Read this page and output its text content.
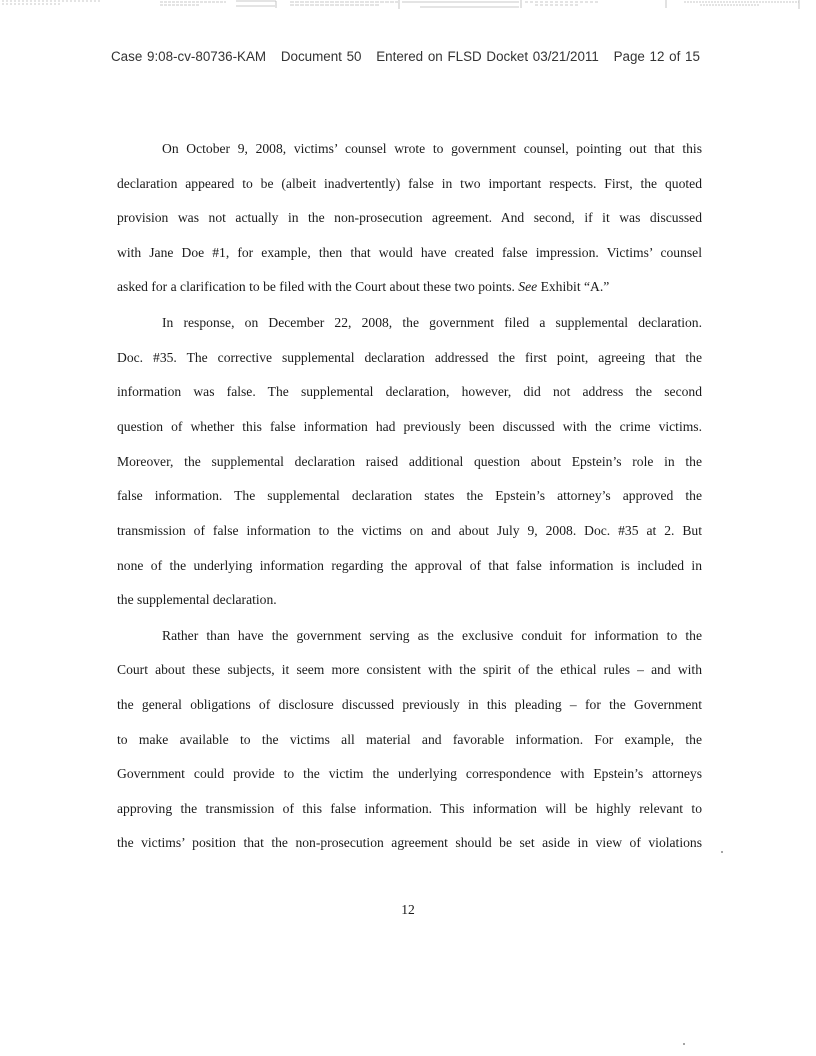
Case 9:08-cv-80736-KAM Document 50 Entered on FLSD Docket 03/21/2011 Page 12 of 15
On October 9, 2008, victims’ counsel wrote to government counsel, pointing out that this
declaration appeared to be (albeit inadvertently) false in two important respects. First, the quoted
provision was not actually in the non-prosecution agreement. And second, if it was discussed
with Jane Doe #1, for example, then that would have created false impression. Victims’ counsel
asked for a clarification to be filed with the Court about these two points. See Exhibit “A.”
In response, on December 22, 2008, the government filed a supplemental declaration.
Doc. #35. The corrective supplemental declaration addressed the first point, agreeing that the
information was false. The supplemental declaration, however, did not address the second
question of whether this false information had previously been discussed with the crime victims.
Moreover, the supplemental declaration raised additional question about Epstein’s role in the
false information. The supplemental declaration states the Epstein’s attorney’s approved the
transmission of false information to the victims on and about July 9, 2008. Doc. #35 at 2. But
none of the underlying information regarding the approval of that false information is included in
the supplemental declaration.
Rather than have the government serving as the exclusive conduit for information to the
Court about these subjects, it seem more consistent with the spirit of the ethical rules – and with
the general obligations of disclosure discussed previously in this pleading – for the Government
to make available to the victims all material and favorable information. For example, the
Government could provide to the victim the underlying correspondence with Epstein’s attorneys
approving the transmission of this false information. This information will be highly relevant to
the victims’ position that the non-prosecution agreement should be set aside in view of violations
12
